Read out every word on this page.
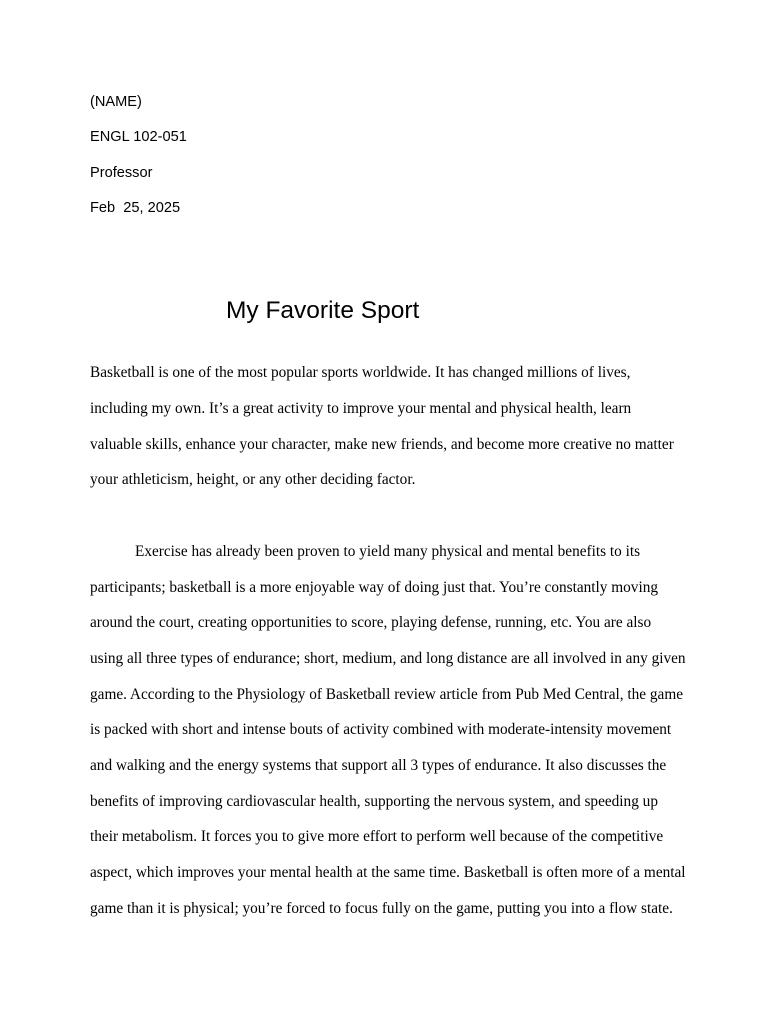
(NAME)
ENGL 102-051
Professor
Feb  25, 2025
My Favorite Sport
Basketball is one of the most popular sports worldwide. It has changed millions of lives,
including my own. It’s a great activity to improve your mental and physical health, learn
valuable skills, enhance your character, make new friends, and become more creative no matter
your athleticism, height, or any other deciding factor.
Exercise has already been proven to yield many physical and mental benefits to its
participants; basketball is a more enjoyable way of doing just that. You’re constantly moving
around the court, creating opportunities to score, playing defense, running, etc. You are also
using all three types of endurance; short, medium, and long distance are all involved in any given
game. According to the Physiology of Basketball review article from Pub Med Central, the game
is packed with short and intense bouts of activity combined with moderate-intensity movement
and walking and the energy systems that support all 3 types of endurance. It also discusses the
benefits of improving cardiovascular health, supporting the nervous system, and speeding up
their metabolism. It forces you to give more effort to perform well because of the competitive
aspect, which improves your mental health at the same time. Basketball is often more of a mental
game than it is physical; you’re forced to focus fully on the game, putting you into a flow state.
